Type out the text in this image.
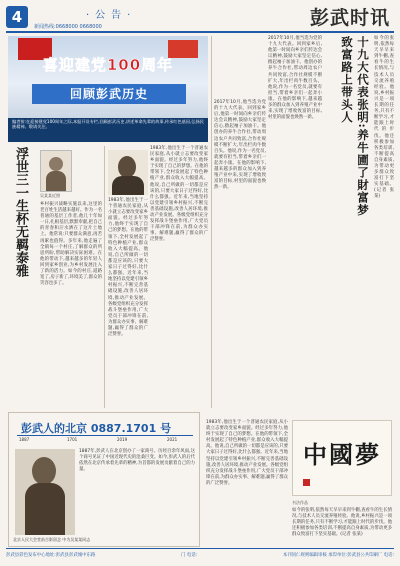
4	·公告·
新闻热线:0668000 0668000	彭武时讯
喜迎建党100周年
回顾彭武历史
编者按:在迎接建党100周年之际,本报开设专栏,回顾彭武历史,讲述革命先辈的故事,传承红色基因,弘扬民族精神。敬请关注。
浮世三一生杯无羁泰雅	吴某某近照
乡村振兴战略实施以来,这里的老百姓生活越来越好。作为一名普通的基层工作者,他几十年如一日,扎根基层,默默奉献,把自己的青春和汗水洒在了这片土地上。他常说:只要群众满意,再苦再累也值得。多年来,他走遍了全镇每一个村庄,了解群众的所思所盼,帮助解决实际困难。在他的带动下,越来越多的年轻人回到家乡创业,为乡村发展注入了新的活力。如今的村庄,道路宽了,房子新了,环境美了,群众的笑容也多了。
1983年,他出生于一个普通农民家庭,从小就立志要改变家乡面貌。经过多年努力,他终于实现了自己的梦想。在他的带领下,全村发展起了特色种植产业,群众收入大幅提高。他说,自己所做的一切都是应该的,只要大家日子过得好,比什么都强。近年来,当地坚持以党建引领乡村振兴,不断完善基础设施,改善人居环境,推动产业发展。各级党组织充分发挥战斗堡垒作用,广大党员干部冲锋在前,为群众办实事、解难题,赢得了群众的广泛赞誉。
1983年,他出生于一个普通农民家庭,从小就立志要改变家乡面貌。经过多年努力,他终于实现了自己的梦想。在他的带领下,全村发展起了特色种植产业,群众收入大幅提高。他说,自己所做的一切都是应该的,只要大家日子过得好,比什么都强。近年来,当地坚持以党建引领乡村振兴,不断完善基础设施,改善人居环境,推动产业发展。各级党组织充分发挥战斗堡垒作用,广大党员干部冲锋在前,为群众办实事、解难题,赢得了群众的广泛赞誉。
2017年10月,他当选为党的十九大代表。回到家乡后,他第一时间向乡亲们传达会议精神,鼓励大家坚定信心,撸起袖子加油干。他创办的养牛合作社,带动周边农户共同致富,合作社规模不断扩大,年出栏肉牛数百头。他说,作为一名党员,就要有担当,带着乡亲们一起奔小康。在他的影响下,越来越多的群众加入到养殖产业中来,实现了增收致富的目标,村里的面貌也焕然一新。
2017年10月,他当选为党的十九大代表。回到家乡后,他第一时间向乡亲们传达会议精神,鼓励大家坚定信心,撸起袖子加油干。他创办的养牛合作社,带动周边农户共同致富,合作社规模不断扩大,年出栏肉牛数百头。他说,作为一名党员,就要有担当,带着乡亲们一起奔小康。在他的影响下,越来越多的群众加入到养殖产业中来,实现了增收致富的目标,村里的面貌也焕然一新。	十九大代表张明:养牛圃了財富梦
致富路上带头人	如今的张明,依然每天早早来到牛棚,查看牛的生长情况,与技术人员交流养殖经验。他说,乡村振兴是一项长期的任务,只有不断学习,才能跟上时代的步伐。他还积极参加各类培训,不断提高自身素质,为带动更多群众致富打下坚实基础。(记者 张某)
彭武人的北京 0887.1701 号
1887	1701	2019	2021
1887年,彭武人在北京创办了一家商号。历经百余年风雨,这个商号见证了中国近现代史的沧桑巨变。如今,彭武人的后代依然在北京传承着先辈的精神,为首都的发展贡献着自己的力量。
北京人民大会堂前合影留念 中为吴某某同志
1983年,他出生于一个普通农民家庭,从小就立志要改变家乡面貌。经过多年努力,他终于实现了自己的梦想。在他的带领下,全村发展起了特色种植产业,群众收入大幅提高。他说,自己所做的一切都是应该的,只要大家日子过得好,比什么都强。近年来,当地坚持以党建引领乡村振兴,不断完善基础设施,改善人居环境,推动产业发展。各级党组织充分发挥战斗堡垒作用,广大党员干部冲锋在前,为群众办实事、解难题,赢得了群众的广泛赞誉。
中國夢
书法作品
如今的张明,依然每天早早来到牛棚,查看牛的生长情况,与技术人员交流养殖经验。他说,乡村振兴是一项长期的任务,只有不断学习,才能跟上时代的步伐。他还积极参加各类培训,不断提高自身素质,为带动更多群众致富打下坚实基础。(记者 张某)
彭武县彩色发布中心地址:彭武县彭武城中东路	门 电话:	本刊同仁规则编辑审核 承印单位:彭武县公共印刷厂 电话:
